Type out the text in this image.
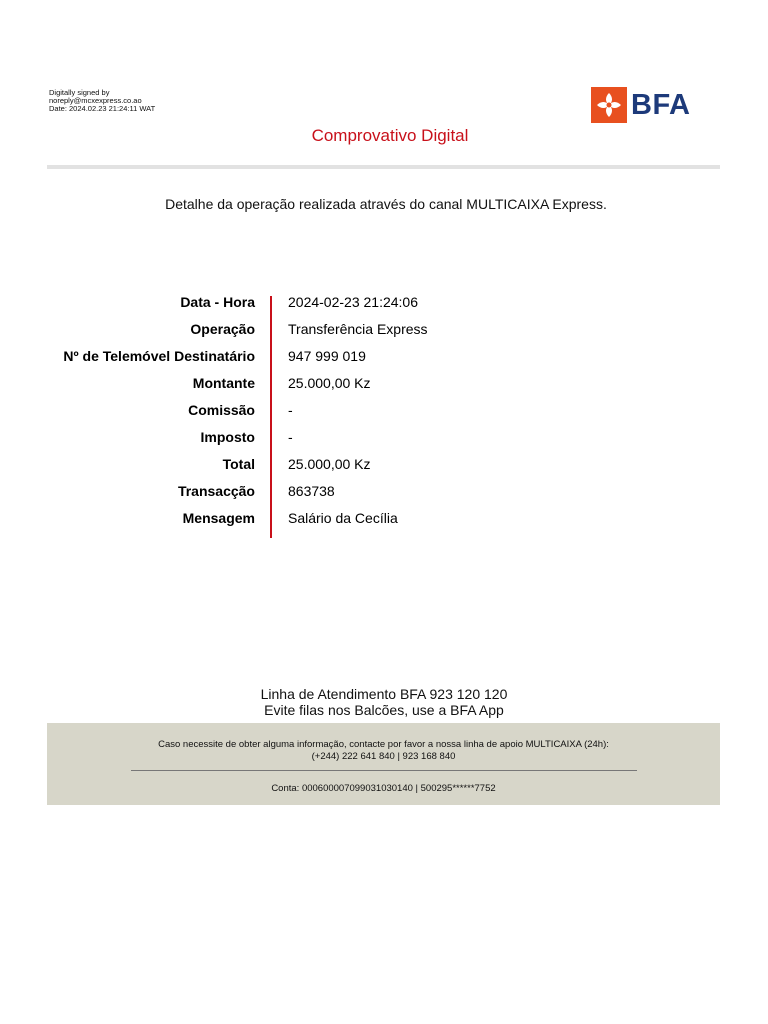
Digitally signed by
noreply@mcxexpress.co.ao
Date: 2024.02.23 21:24:11 WAT	BFA
Comprovativo Digital
Detalhe da operação realizada através do canal MULTICAIXA Express.
Data - Hora 2024-02-23 21:24:06
Operação Transferência Express
Nº de Telemóvel Destinatário 947 999 019
Montante 25.000,00 Kz
Comissão -
Imposto -
Total 25.000,00 Kz
Transacção 863738
Mensagem Salário da Cecília
Linha de Atendimento BFA 923 120 120
Evite filas nos Balcões, use a BFA App
Caso necessite de obter alguma informação, contacte por favor a nossa linha de apoio MULTICAIXA (24h):
(+244) 222 641 840 | 923 168 840
Conta: 000600007099031030140 | 500295******7752
